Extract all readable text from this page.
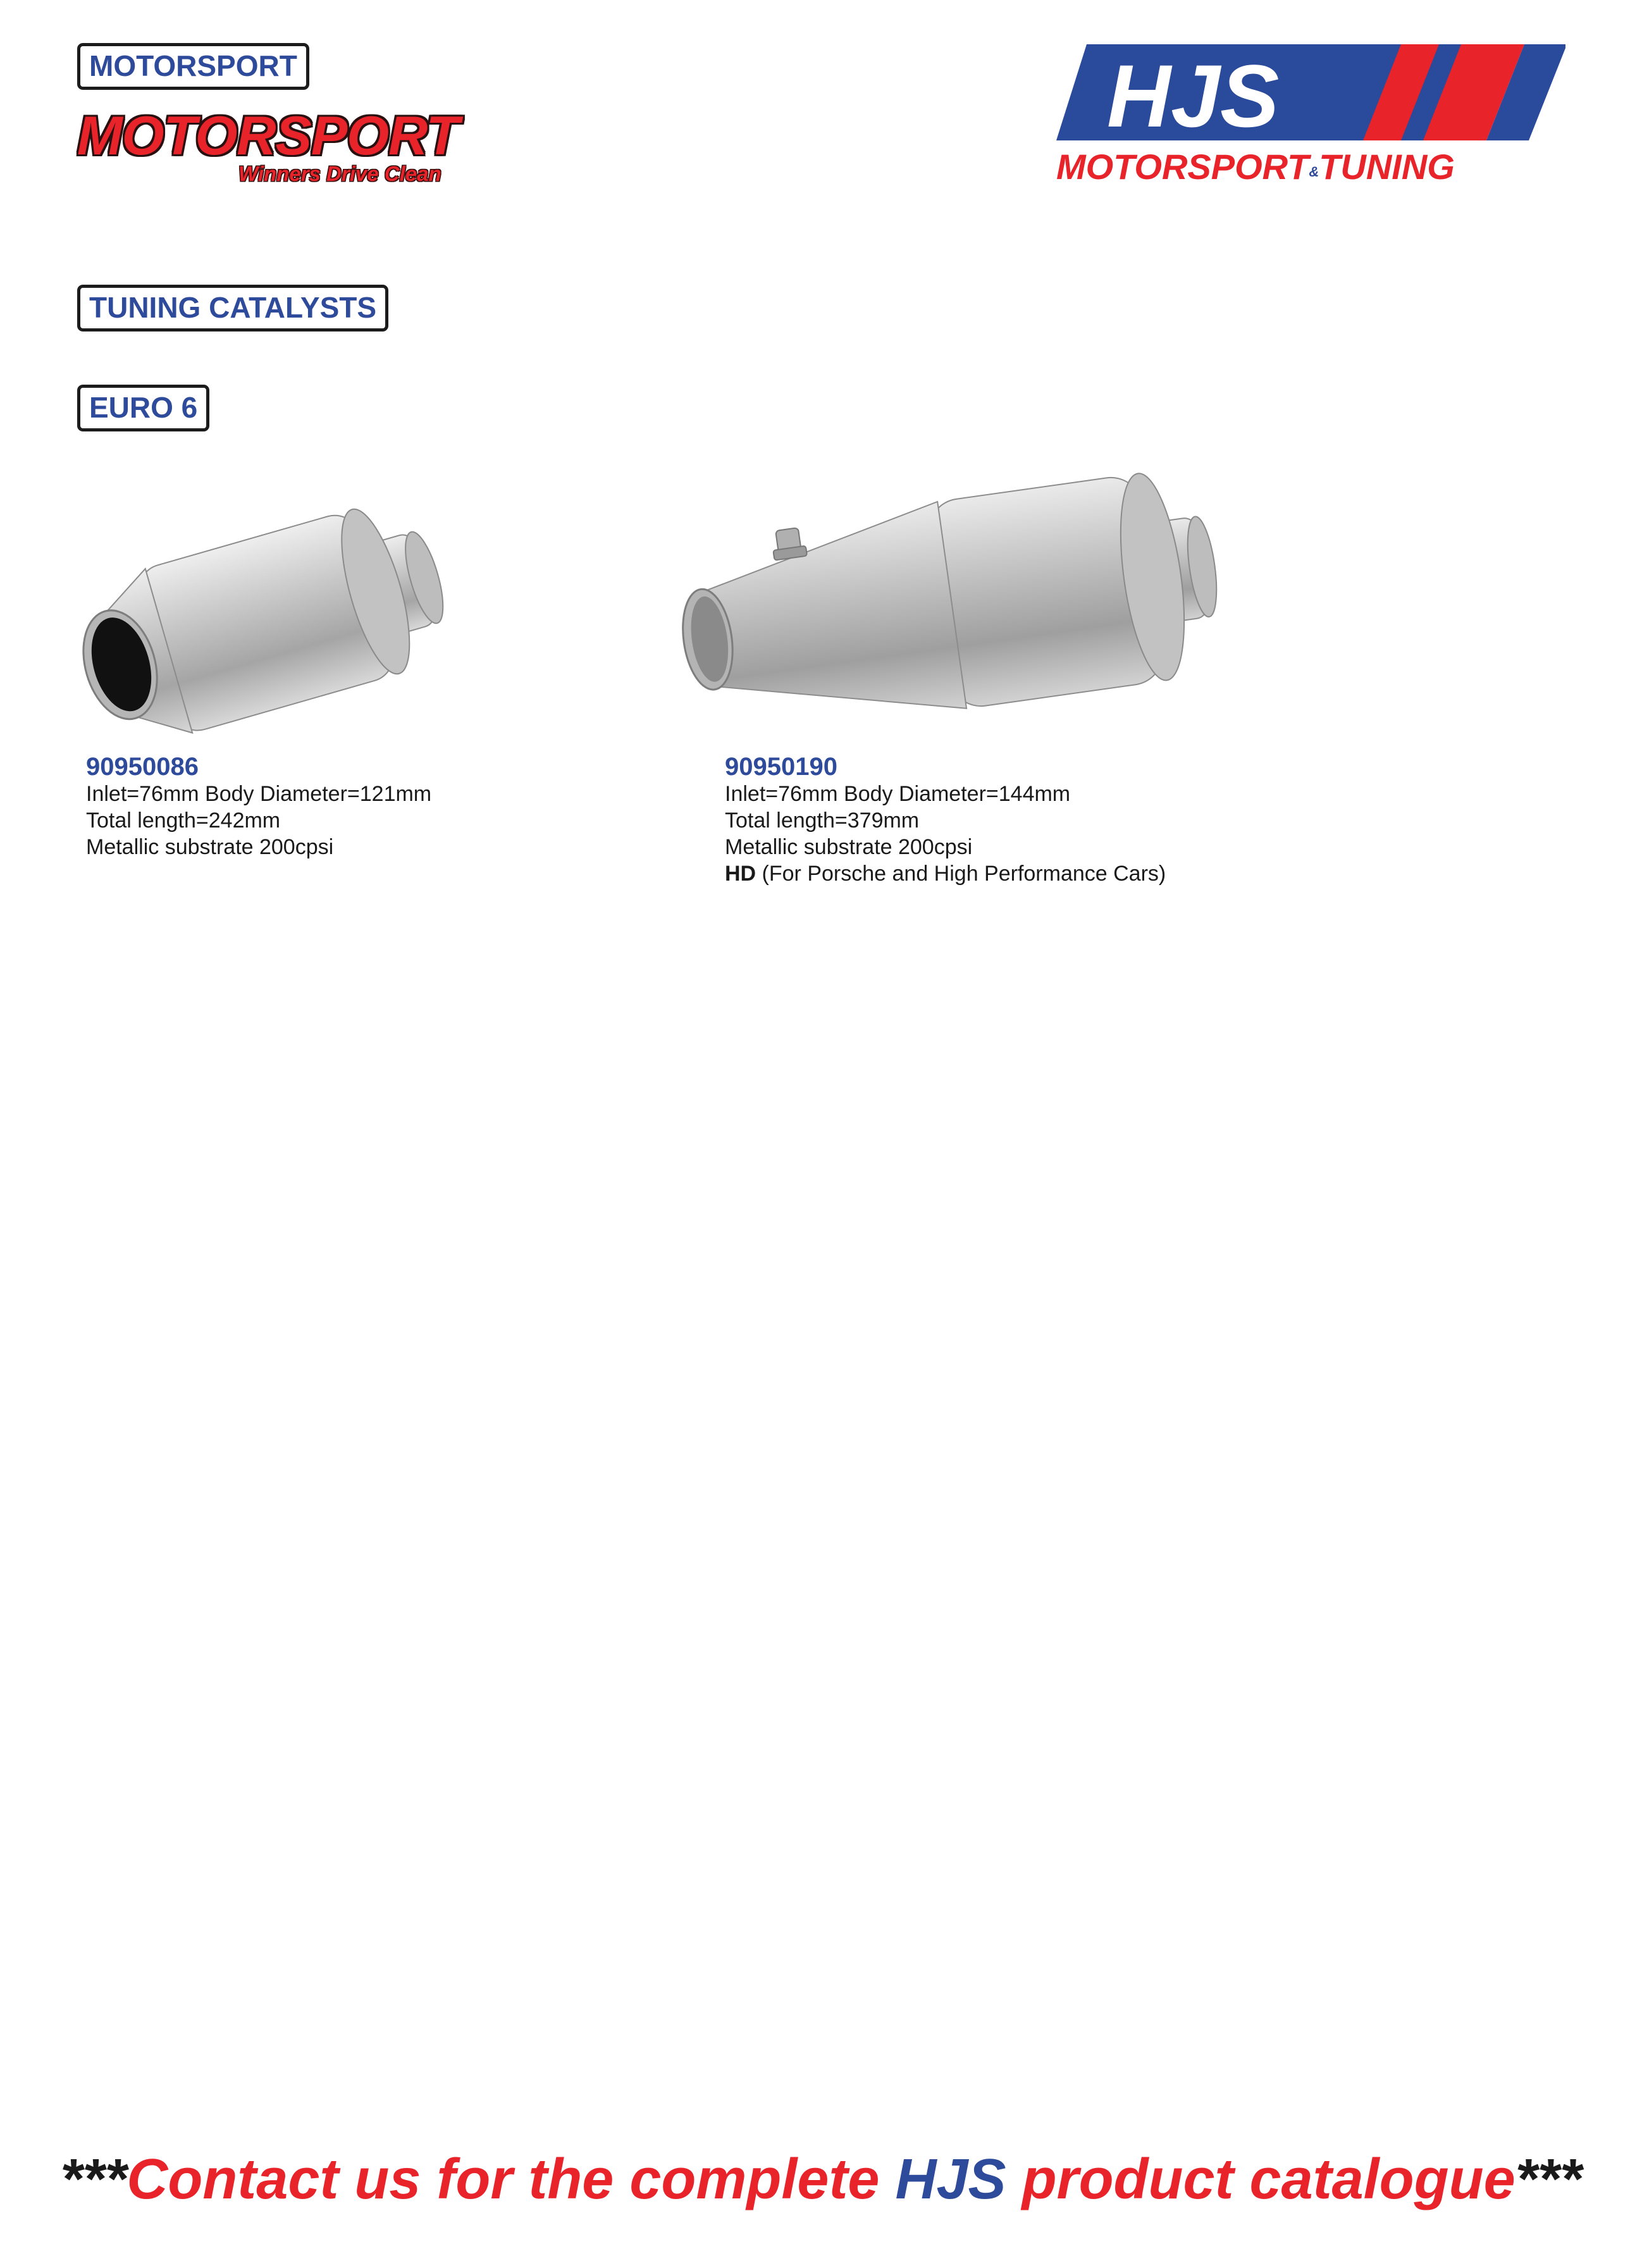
MOTORSPORT
MOTORSPORT
Winners Drive Clean
HJS
MOTORSPORT&TUNING
TUNING CATALYSTS
EURO 6
90950086
Inlet=76mm Body Diameter=121mm
Total length=242mm
Metallic substrate 200cpsi
90950190
Inlet=76mm Body Diameter=144mm
Total length=379mm
Metallic substrate 200cpsi
HD (For Porsche and High Performance Cars)
***Contact us for the complete HJS product catalogue***
